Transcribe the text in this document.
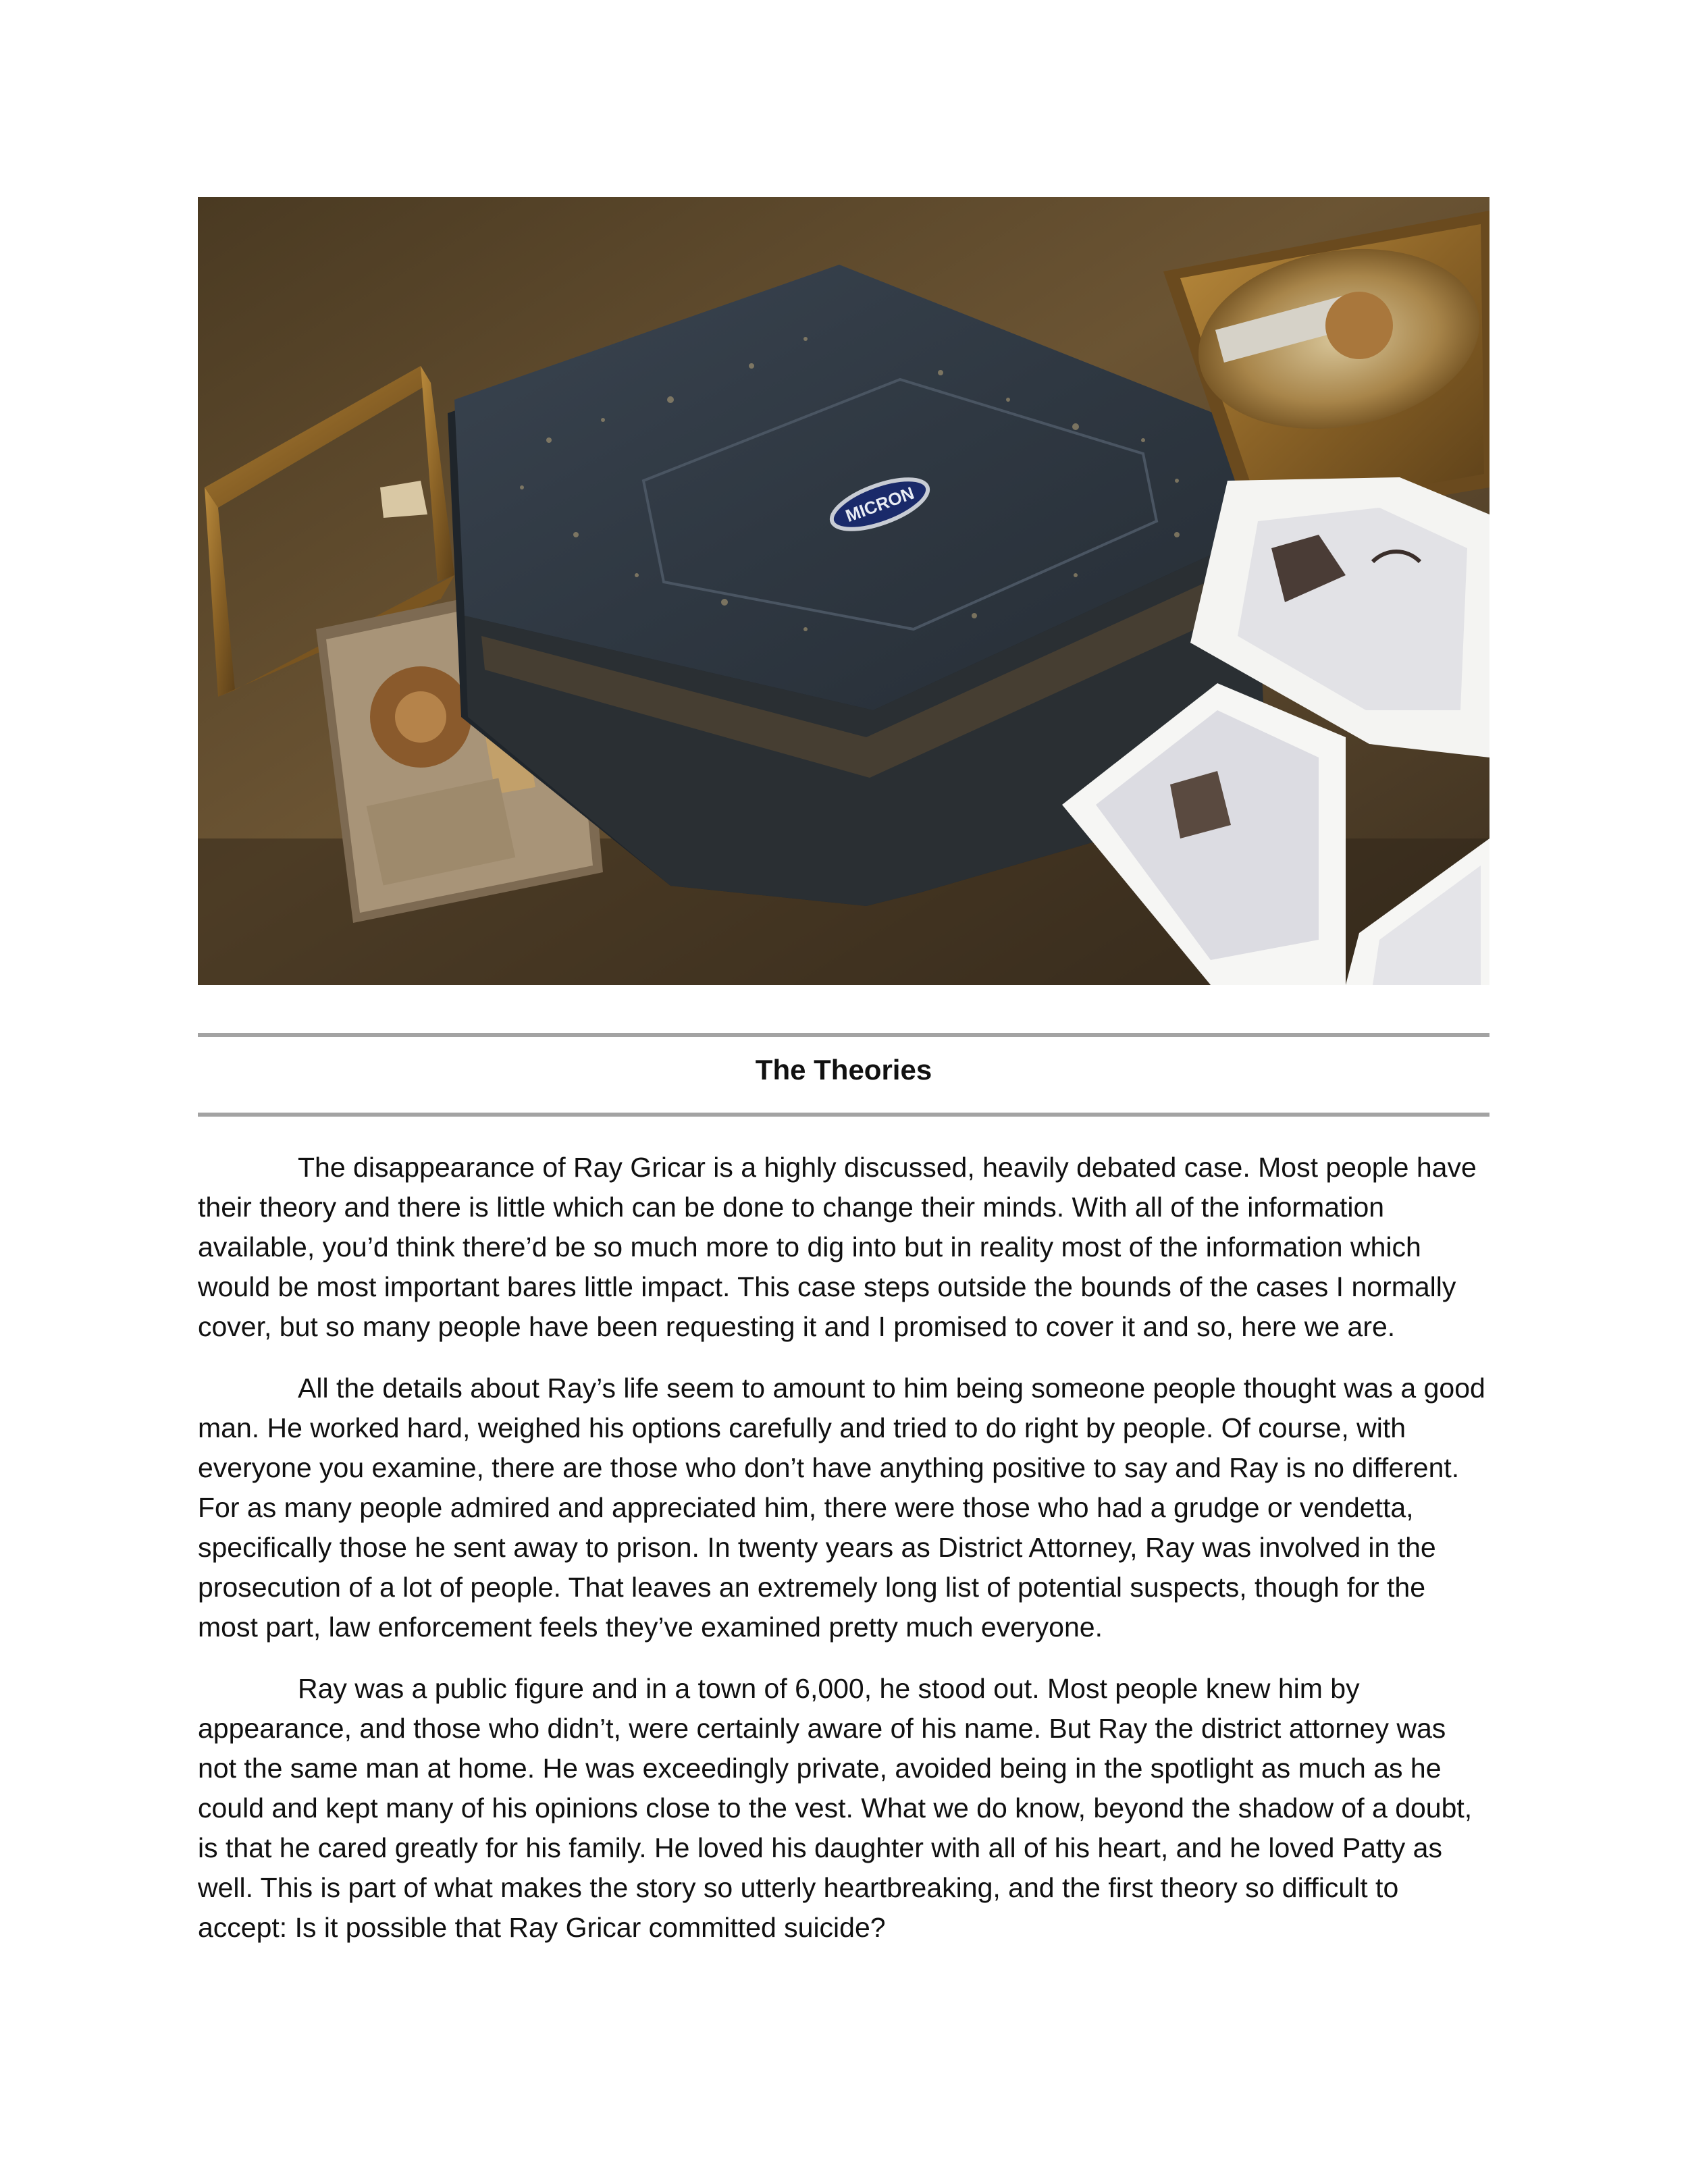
MICRON
The Theories

The disappearance of Ray Gricar is a highly discussed, heavily debated case. Most people have their theory and there is little which can be done to change their minds. With all of the information available, you’d think there’d be so much more to dig into but in reality most of the information which would be most important bares little impact. This case steps outside the bounds of the cases I normally cover, but so many people have been requesting it and I promised to cover it and so, here we are.

All the details about Ray’s life seem to amount to him being someone people thought was a good man. He worked hard, weighed his options carefully and tried to do right by people. Of course, with everyone you examine, there are those who don’t have anything positive to say and Ray is no different. For as many people admired and appreciated him, there were those who had a grudge or vendetta, specifically those he sent away to prison. In twenty years as District Attorney, Ray was involved in the prosecution of a lot of people. That leaves an extremely long list of potential suspects, though for the most part, law enforcement feels they’ve examined pretty much everyone.

Ray was a public figure and in a town of 6,000, he stood out. Most people knew him by appearance, and those who didn’t, were certainly aware of his name. But Ray the district attorney was not the same man at home. He was exceedingly private, avoided being in the spotlight as much as he could and kept many of his opinions close to the vest. What we do know, beyond the shadow of a doubt, is that he cared greatly for his family. He loved his daughter with all of his heart, and he loved Patty as well. This is part of what makes the story so utterly heartbreaking, and the first theory so difficult to accept: Is it possible that Ray Gricar committed suicide?
